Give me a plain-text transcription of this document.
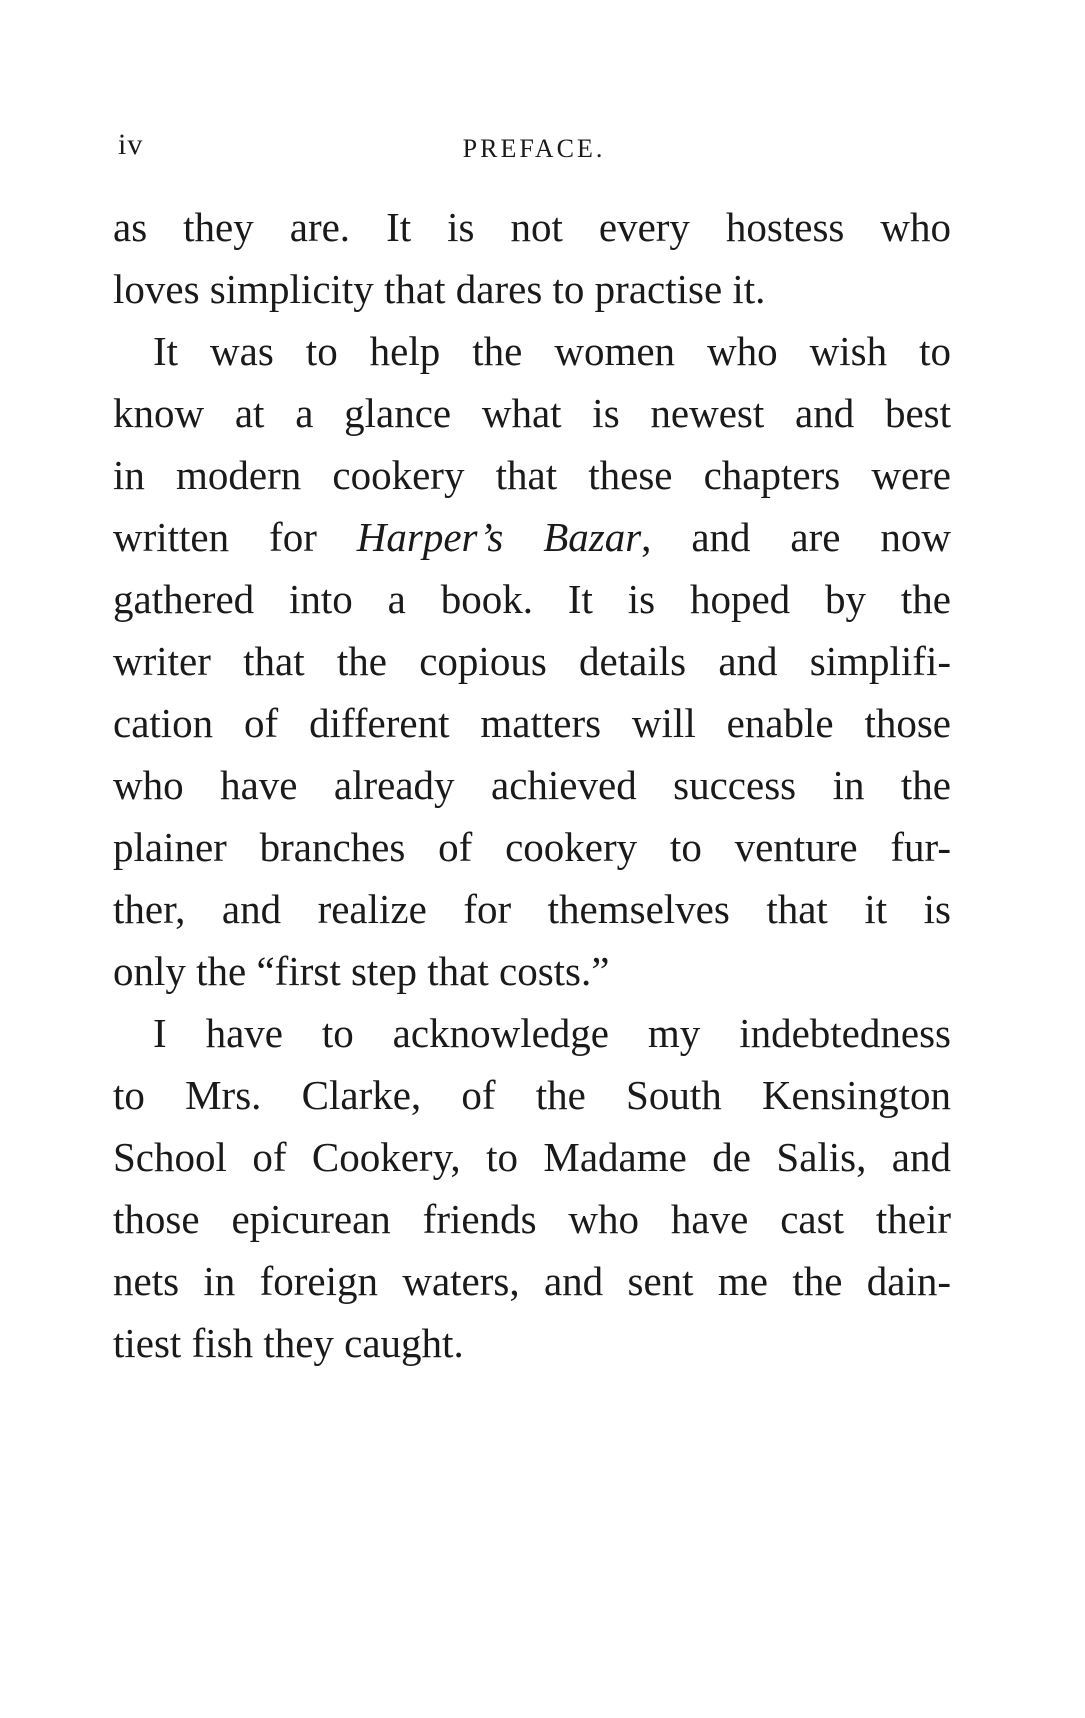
iv	PREFACE.
as they are. It is not every hostess who
loves simplicity that dares to practise it.
It was to help the women who wish to
know at a glance what is newest and best
in modern cookery that these chapters were
written for Harper’s Bazar, and are now
gathered into a book. It is hoped by the
writer that the copious details and simplifi-
cation of different matters will enable those
who have already achieved success in the
plainer branches of cookery to venture fur-
ther, and realize for themselves that it is
only the “first step that costs.”
I have to acknowledge my indebtedness
to Mrs. Clarke, of the South Kensington
School of Cookery, to Madame de Salis, and
those epicurean friends who have cast their
nets in foreign waters, and sent me the dain-
tiest fish they caught.
